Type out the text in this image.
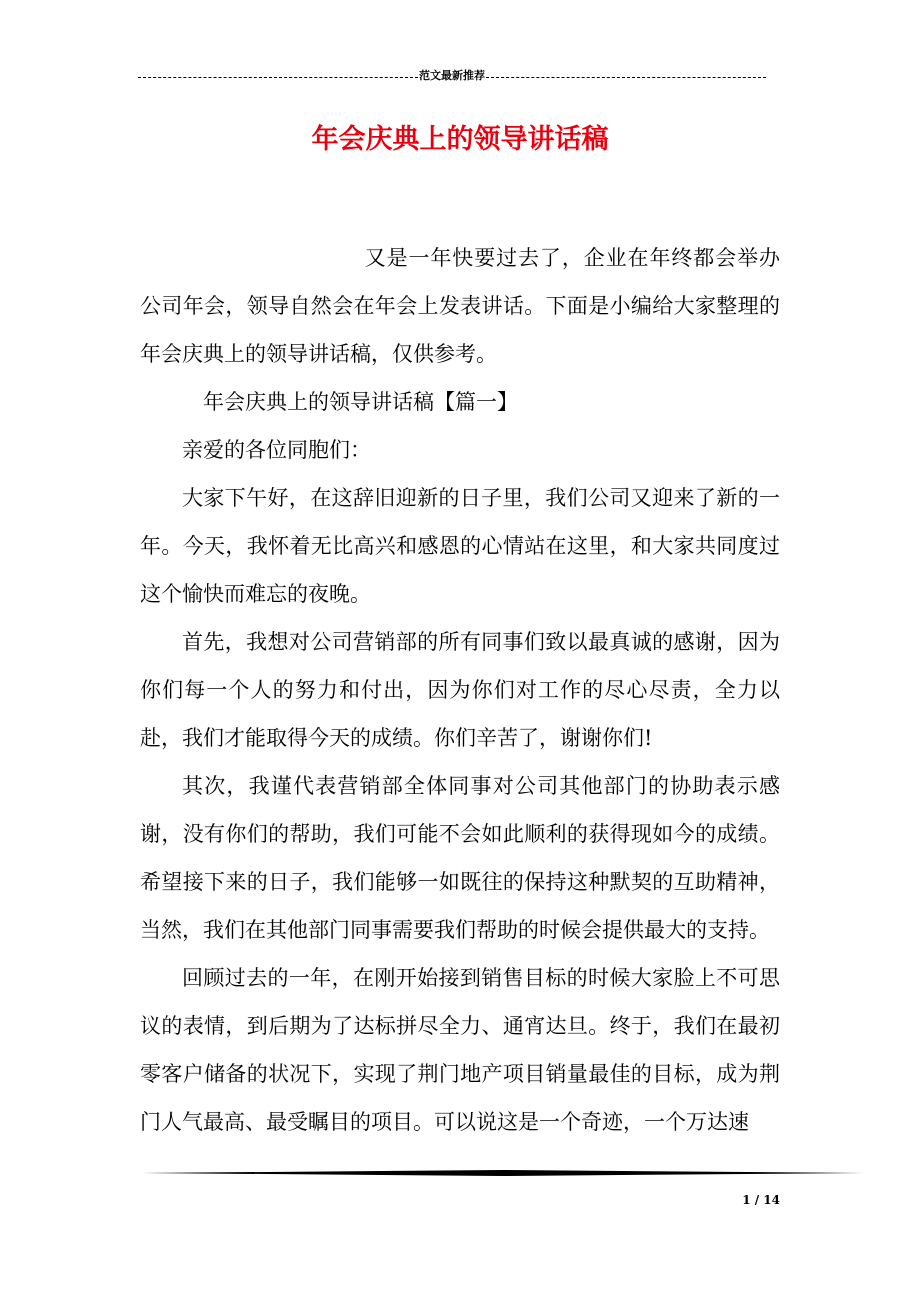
范文最新推荐
年会庆典上的领导讲话稿

又是一年快要过去了，企业在年终都会举办公司年会，领导自然会在年会上发表讲话。下面是小编给大家整理的年会庆典上的领导讲话稿，仅供参考。

年会庆典上的领导讲话稿【篇一】

亲爱的各位同胞们：

大家下午好，在这辞旧迎新的日子里，我们公司又迎来了新的一年。今天，我怀着无比高兴和感恩的心情站在这里，和大家共同度过这个愉快而难忘的夜晚。

首先，我想对公司营销部的所有同事们致以最真诚的感谢，因为你们每一个人的努力和付出，因为你们对工作的尽心尽责，全力以赴，我们才能取得今天的成绩。你们辛苦了，谢谢你们!

其次，我谨代表营销部全体同事对公司其他部门的协助表示感谢，没有你们的帮助，我们可能不会如此顺利的获得现如今的成绩。希望接下来的日子，我们能够一如既往的保持这种默契的互助精神，当然，我们在其他部门同事需要我们帮助的时候会提供最大的支持。

回顾过去的一年，在刚开始接到销售目标的时候大家脸上不可思议的表情，到后期为了达标拼尽全力、通宵达旦。终于，我们在最初零客户储备的状况下，实现了荆门地产项目销量最佳的目标，成为荆门人气最高、最受瞩目的项目。可以说这是一个奇迹，一个万达速

1 / 14
